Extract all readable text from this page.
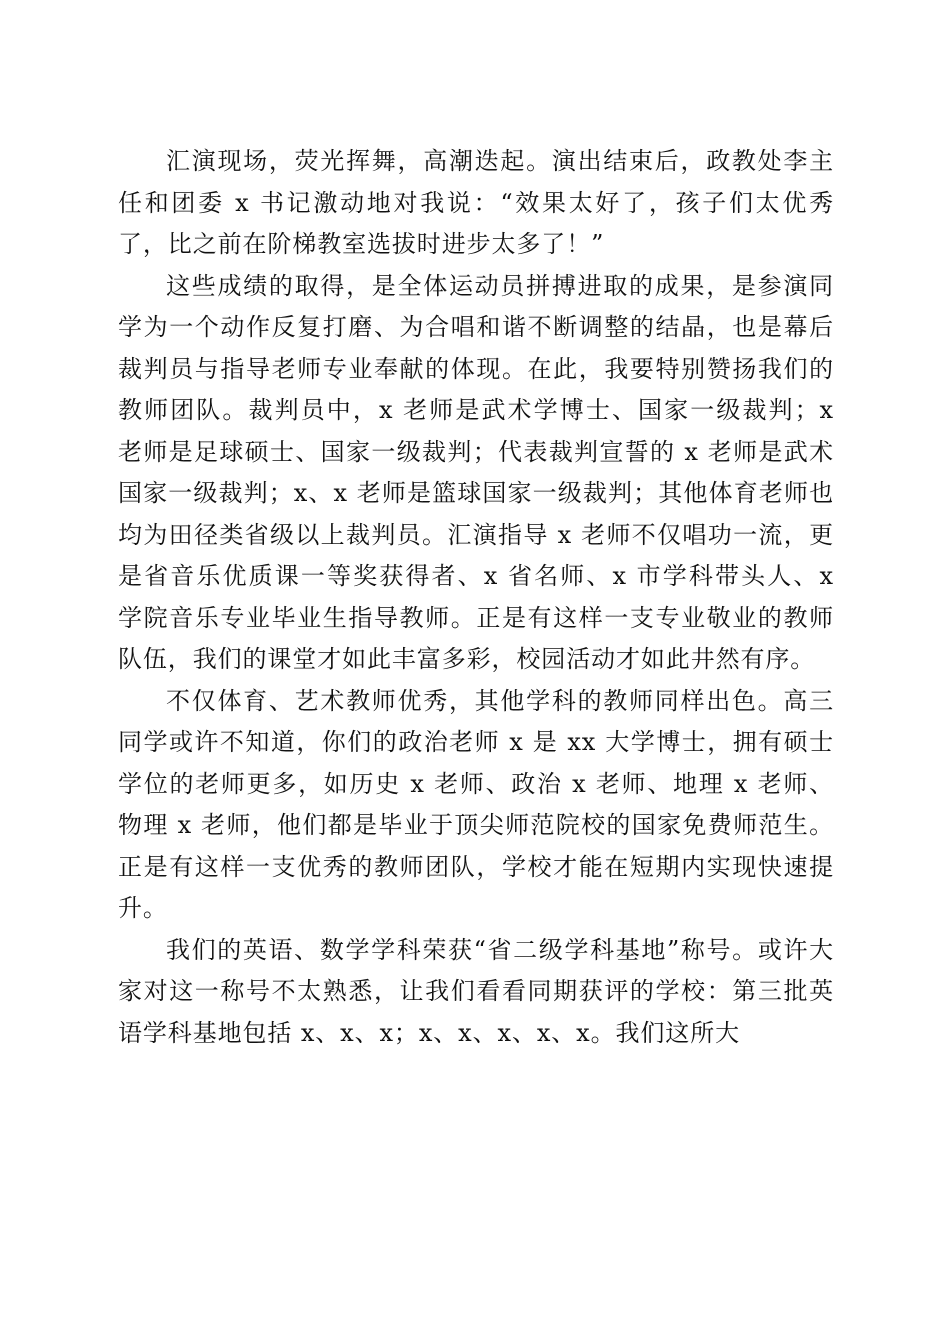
汇演现场，荧光挥舞，高潮迭起。演出结束后，政教处李主任和团委 x 书记激动地对我说：“效果太好了，孩子们太优秀了，比之前在阶梯教室选拔时进步太多了！”

这些成绩的取得，是全体运动员拼搏进取的成果，是参演同学为一个动作反复打磨、为合唱和谐不断调整的结晶，也是幕后裁判员与指导老师专业奉献的体现。在此，我要特别赞扬我们的教师团队。裁判员中，x 老师是武术学博士、国家一级裁判；x 老师是足球硕士、国家一级裁判；代表裁判宣誓的 x 老师是武术国家一级裁判；x、x 老师是篮球国家一级裁判；其他体育老师也均为田径类省级以上裁判员。汇演指导 x 老师不仅唱功一流，更是省音乐优质课一等奖获得者、x 省名师、x 市学科带头人、x 学院音乐专业毕业生指导教师。正是有这样一支专业敬业的教师队伍，我们的课堂才如此丰富多彩，校园活动才如此井然有序。

不仅体育、艺术教师优秀，其他学科的教师同样出色。高三同学或许不知道，你们的政治老师 x 是 xx 大学博士，拥有硕士学位的老师更多，如历史 x 老师、政治 x 老师、地理 x 老师、物理 x 老师，他们都是毕业于顶尖师范院校的国家免费师范生。正是有这样一支优秀的教师团队，学校才能在短期内实现快速提升。

我们的英语、数学学科荣获“省二级学科基地”称号。或许大家对这一称号不太熟悉，让我们看看同期获评的学校：第三批英语学科基地包括 x、x、x；x、x、x、x、x。我们这所大
